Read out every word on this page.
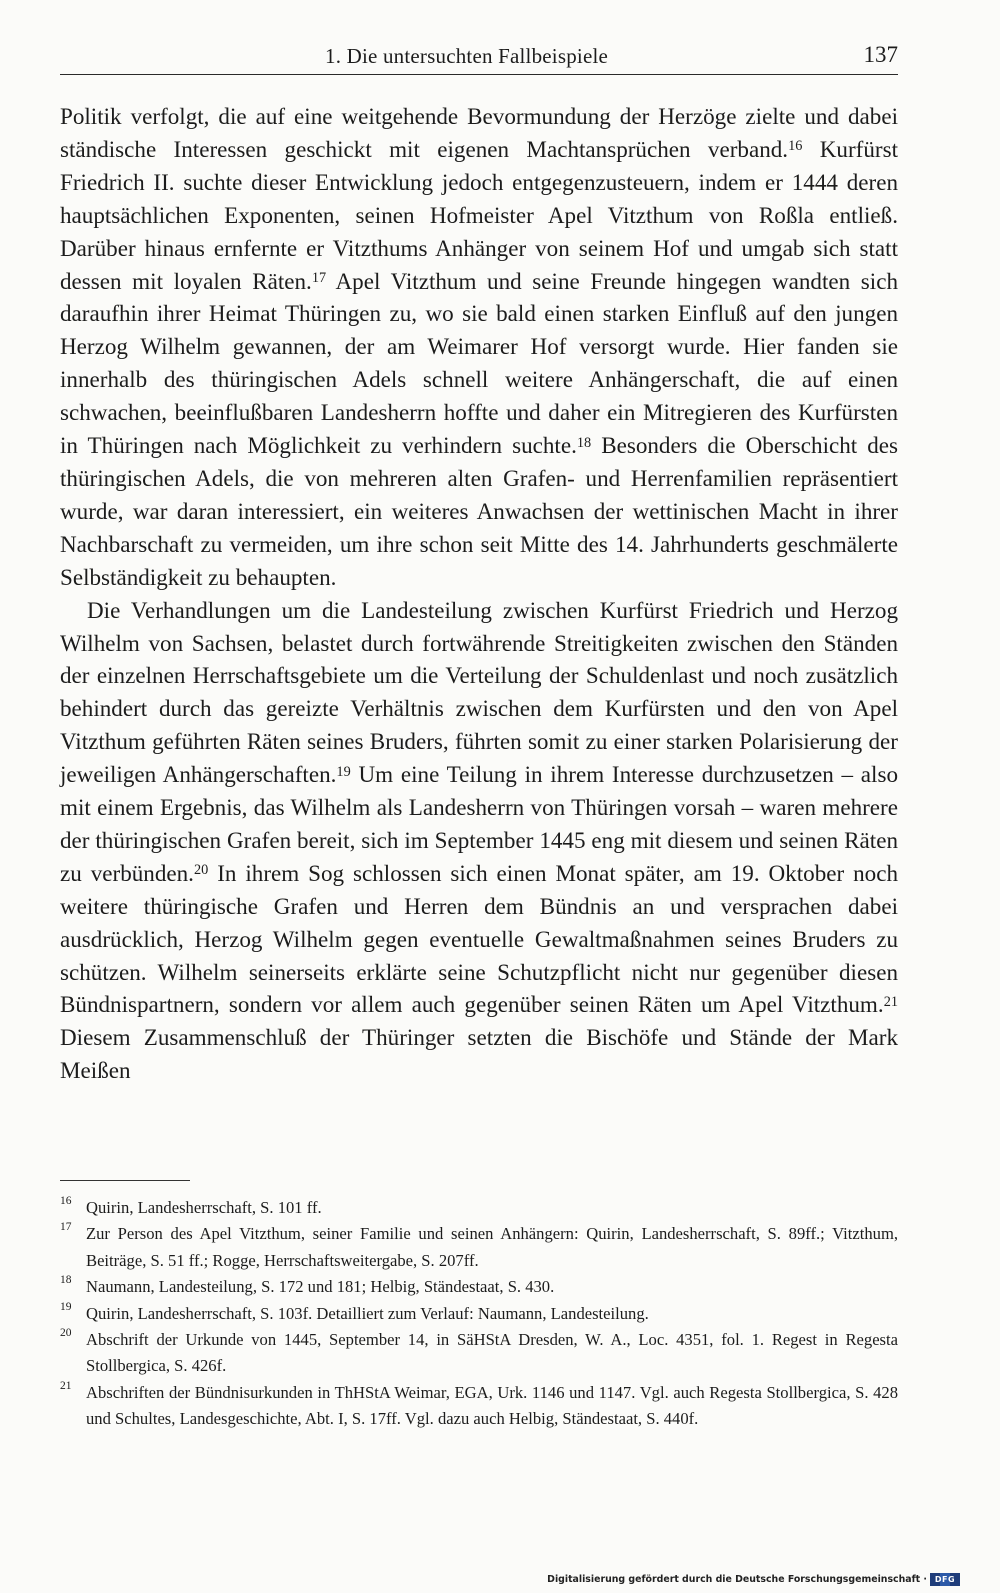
1. Die untersuchten Fallbeispiele	137

Politik verfolgt, die auf eine weitgehende Bevormundung der Herzöge zielte und dabei ständische Interessen geschickt mit eigenen Machtansprüchen verband.$^{16}$ Kurfürst Friedrich II. suchte dieser Entwicklung jedoch entgegenzusteuern, indem er 1444 deren hauptsächlichen Exponenten, seinen Hofmeister Apel Vitzthum von Roßla entließ. Darüber hinaus ernfernte er Vitzthums Anhänger von seinem Hof und umgab sich statt dessen mit loyalen Räten.$^{17}$ Apel Vitzthum und seine Freunde hingegen wandten sich daraufhin ihrer Heimat Thüringen zu, wo sie bald einen starken Einfluß auf den jungen Herzog Wilhelm gewannen, der am Weimarer Hof versorgt wurde. Hier fanden sie innerhalb des thüringischen Adels schnell weitere Anhängerschaft, die auf einen schwachen, beeinflußbaren Landesherrn hoffte und daher ein Mitregieren des Kurfürsten in Thüringen nach Möglichkeit zu verhindern suchte.$^{18}$ Besonders die Oberschicht des thüringischen Adels, die von mehreren alten Grafen- und Herrenfamilien repräsentiert wurde, war daran interessiert, ein weiteres Anwachsen der wettinischen Macht in ihrer Nachbarschaft zu vermeiden, um ihre schon seit Mitte des 14. Jahrhunderts geschmälerte Selbständigkeit zu behaupten.

Die Verhandlungen um die Landesteilung zwischen Kurfürst Friedrich und Herzog Wilhelm von Sachsen, belastet durch fortwährende Streitigkeiten zwischen den Ständen der einzelnen Herrschaftsgebiete um die Verteilung der Schuldenlast und noch zusätzlich behindert durch das gereizte Verhältnis zwischen dem Kurfürsten und den von Apel Vitzthum geführten Räten seines Bruders, führten somit zu einer starken Polarisierung der jeweiligen Anhängerschaften.$^{19}$ Um eine Teilung in ihrem Interesse durchzusetzen – also mit einem Ergebnis, das Wilhelm als Landesherrn von Thüringen vorsah – waren mehrere der thüringischen Grafen bereit, sich im September 1445 eng mit diesem und seinen Räten zu verbünden.$^{20}$ In ihrem Sog schlossen sich einen Monat später, am 19. Oktober noch weitere thüringische Grafen und Herren dem Bündnis an und versprachen dabei ausdrücklich, Herzog Wilhelm gegen eventuelle Gewaltmaßnahmen seines Bruders zu schützen. Wilhelm seinerseits erklärte seine Schutzpflicht nicht nur gegenüber diesen Bündnispartnern, sondern vor allem auch gegenüber seinen Räten um Apel Vitzthum.$^{21}$ Diesem Zusammenschluß der Thüringer setzten die Bischöfe und Stände der Mark Meißen

16 Quirin, Landesherrschaft, S. 101 ff.
17 Zur Person des Apel Vitzthum, seiner Familie und seinen Anhängern: Quirin, Landesherrschaft, S. 89ff.; Vitzthum, Beiträge, S. 51 ff.; Rogge, Herrschaftsweitergabe, S. 207ff.
18 Naumann, Landesteilung, S. 172 und 181; Helbig, Ständestaat, S. 430.
19 Quirin, Landesherrschaft, S. 103f. Detailliert zum Verlauf: Naumann, Landesteilung.
20 Abschrift der Urkunde von 1445, September 14, in SäHStA Dresden, W. A., Loc. 4351, fol. 1. Regest in Regesta Stollbergica, S. 426f.
21 Abschriften der Bündnisurkunden in ThHStA Weimar, EGA, Urk. 1146 und 1147. Vgl. auch Regesta Stollbergica, S. 428 und Schultes, Landesgeschichte, Abt. I, S. 17ff. Vgl. dazu auch Helbig, Ständestaat, S. 440f.
Digitalisierung gefördert durch die Deutsche Forschungsgemeinschaft · DFG
